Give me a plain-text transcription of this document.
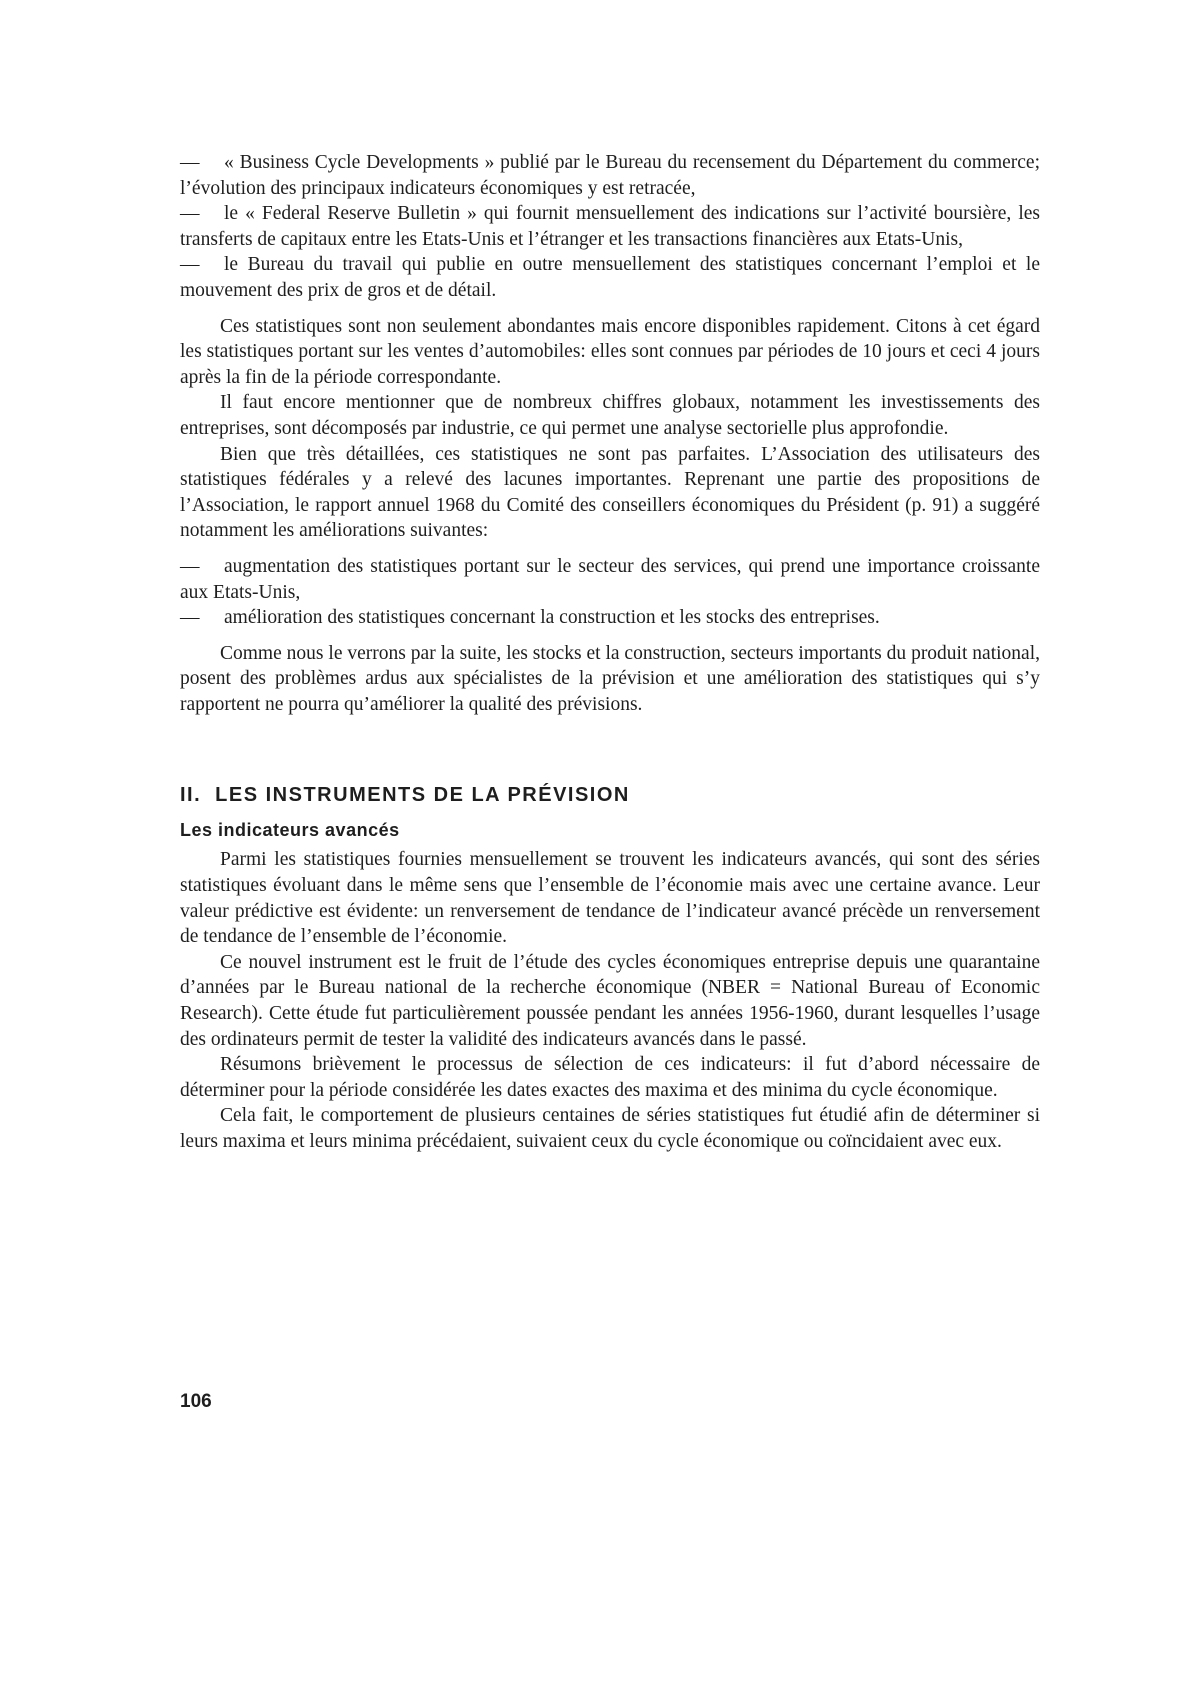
— « Business Cycle Developments » publié par le Bureau du recensement du Département du commerce; l’évolution des principaux indicateurs économiques y est retracée,

— le « Federal Reserve Bulletin » qui fournit mensuellement des indications sur l’activité boursière, les transferts de capitaux entre les Etats-Unis et l’étranger et les transactions financières aux Etats-Unis,

— le Bureau du travail qui publie en outre mensuellement des statistiques concernant l’emploi et le mouvement des prix de gros et de détail.

Ces statistiques sont non seulement abondantes mais encore disponibles rapidement. Citons à cet égard les statistiques portant sur les ventes d’automobiles: elles sont connues par périodes de 10 jours et ceci 4 jours après la fin de la période correspondante.

Il faut encore mentionner que de nombreux chiffres globaux, notamment les investissements des entreprises, sont décomposés par industrie, ce qui permet une analyse sectorielle plus approfondie.

Bien que très détaillées, ces statistiques ne sont pas parfaites. L’Association des utilisateurs des statistiques fédérales y a relevé des lacunes importantes. Reprenant une partie des propositions de l’Association, le rapport annuel 1968 du Comité des conseillers économiques du Président (p. 91) a suggéré notamment les améliorations suivantes:

— augmentation des statistiques portant sur le secteur des services, qui prend une importance croissante aux Etats-Unis,

— amélioration des statistiques concernant la construction et les stocks des entreprises.

Comme nous le verrons par la suite, les stocks et la construction, secteurs importants du produit national, posent des problèmes ardus aux spécialistes de la prévision et une amélioration des statistiques qui s’y rapportent ne pourra qu’améliorer la qualité des prévisions.

II. LES INSTRUMENTS DE LA PRÉVISION
Les indicateurs avancés

Parmi les statistiques fournies mensuellement se trouvent les indicateurs avancés, qui sont des séries statistiques évoluant dans le même sens que l’ensemble de l’économie mais avec une certaine avance. Leur valeur prédictive est évidente: un renversement de tendance de l’indicateur avancé précède un renversement de tendance de l’ensemble de l’économie.

Ce nouvel instrument est le fruit de l’étude des cycles économiques entreprise depuis une quarantaine d’années par le Bureau national de la recherche économique (NBER = National Bureau of Economic Research). Cette étude fut particulièrement poussée pendant les années 1956-1960, durant lesquelles l’usage des ordinateurs permit de tester la validité des indicateurs avancés dans le passé.

Résumons brièvement le processus de sélection de ces indicateurs: il fut d’abord nécessaire de déterminer pour la période considérée les dates exactes des maxima et des minima du cycle économique.

Cela fait, le comportement de plusieurs centaines de séries statistiques fut étudié afin de déterminer si leurs maxima et leurs minima précédaient, suivaient ceux du cycle économique ou coïncidaient avec eux.

106
